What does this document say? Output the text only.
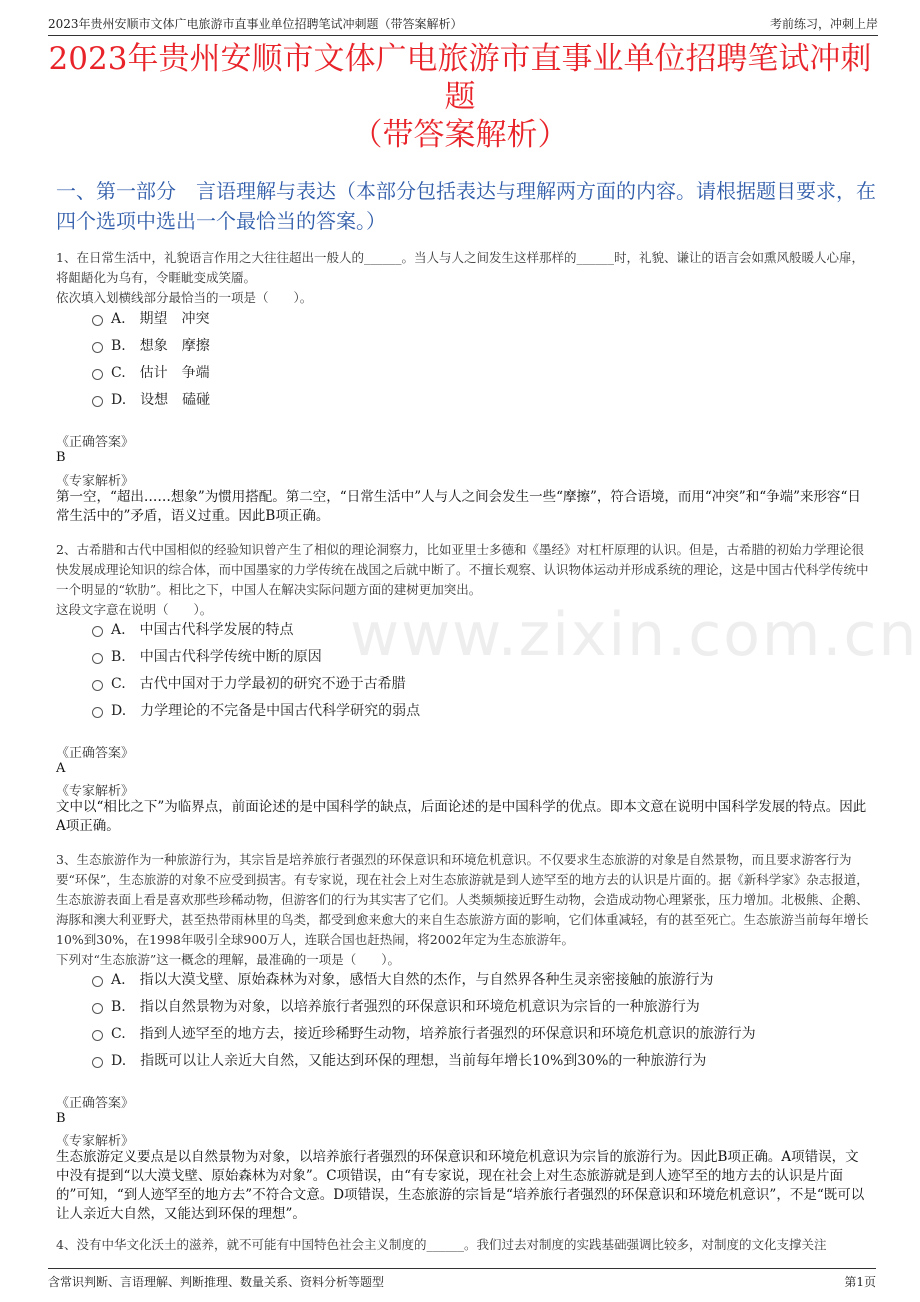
2023年贵州安顺市文体广电旅游市直事业单位招聘笔试冲刺题（带答案解析）	考前练习，冲刺上岸
www.zixin.com.cn
2023年贵州安顺市文体广电旅游市直事业单位招聘笔试冲刺题
（带答案解析）
一、第一部分　言语理解与表达（本部分包括表达与理解两方面的内容。请根据题目要求，在四个选项中选出一个最恰当的答案。）
1、在日常生活中，礼貌语言作用之大往往超出一般人的______。当人与人之间发生这样那样的______时，礼貌、谦让的语言会如熏风般暖人心扉，将龃龉化为乌有，令睚眦变成笑靥。
依次填入划横线部分最恰当的一项是（　　）。
A.　期望　冲突
B.　想象　摩擦
C.　估计　争端
D.　设想　磕碰
《正确答案》
B
《专家解析》
第一空，“超出……想象”为惯用搭配。第二空，“日常生活中”人与人之间会发生一些“摩擦”，符合语境，而用“冲突”和“争端”来形容“日常生活中的”矛盾，语义过重。因此B项正确。
2、古希腊和古代中国相似的经验知识曾产生了相似的理论洞察力，比如亚里士多德和《墨经》对杠杆原理的认识。但是，古希腊的初始力学理论很快发展成理论知识的综合体，而中国墨家的力学传统在战国之后就中断了。不擅长观察、认识物体运动并形成系统的理论，这是中国古代科学传统中一个明显的“软肋”。相比之下，中国人在解决实际问题方面的建树更加突出。
这段文字意在说明（　　）。
A.　中国古代科学发展的特点
B.　中国古代科学传统中断的原因
C.　古代中国对于力学最初的研究不逊于古希腊
D.　力学理论的不完备是中国古代科学研究的弱点
《正确答案》
A
《专家解析》
文中以“相比之下”为临界点，前面论述的是中国科学的缺点，后面论述的是中国科学的优点。即本文意在说明中国科学发展的特点。因此A项正确。
3、生态旅游作为一种旅游行为，其宗旨是培养旅行者强烈的环保意识和环境危机意识。不仅要求生态旅游的对象是自然景物，而且要求游客行为要“环保”，生态旅游的对象不应受到损害。有专家说，现在社会上对生态旅游就是到人迹罕至的地方去的认识是片面的。据《新科学家》杂志报道，生态旅游表面上看是喜欢那些珍稀动物，但游客们的行为其实害了它们。人类频频接近野生动物，会造成动物心理紧张，压力增加。北极熊、企鹅、海豚和澳大利亚野犬，甚至热带雨林里的鸟类，都受到愈来愈大的来自生态旅游方面的影响，它们体重减轻，有的甚至死亡。生态旅游当前每年增长10%到30%，在1998年吸引全球900万人，连联合国也赶热闹，将2002年定为生态旅游年。
下列对“生态旅游”这一概念的理解，最准确的一项是（　　）。
A.　指以大漠戈壁、原始森林为对象，感悟大自然的杰作，与自然界各种生灵亲密接触的旅游行为
B.　指以自然景物为对象，以培养旅行者强烈的环保意识和环境危机意识为宗旨的一种旅游行为
C.　指到人迹罕至的地方去，接近珍稀野生动物，培养旅行者强烈的环保意识和环境危机意识的旅游行为
D.　指既可以让人亲近大自然，又能达到环保的理想，当前每年增长10%到30%的一种旅游行为
《正确答案》
B
《专家解析》
生态旅游定义要点是以自然景物为对象，以培养旅行者强烈的环保意识和环境危机意识为宗旨的旅游行为。因此B项正确。A项错误，文中没有提到“以大漠戈壁、原始森林为对象”。C项错误，由“有专家说，现在社会上对生态旅游就是到人迹罕至的地方去的认识是片面的”可知，“到人迹罕至的地方去”不符合文意。D项错误，生态旅游的宗旨是“培养旅行者强烈的环保意识和环境危机意识”，不是“既可以让人亲近大自然，又能达到环保的理想”。
4、没有中华文化沃土的滋养，就不可能有中国特色社会主义制度的______。我们过去对制度的实践基础强调比较多，对制度的文化支撑关注
含常识判断、言语理解、判断推理、数量关系、资料分析等题型	第1页
